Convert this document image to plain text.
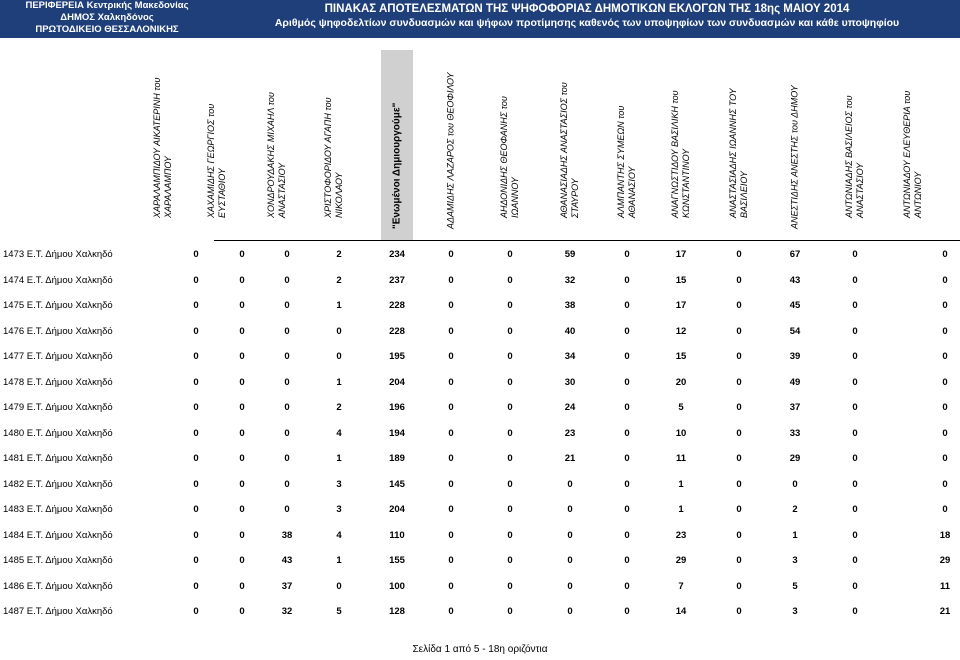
ΠΕΡΙΦΕΡΕΙΑ Κεντρικής Μακεδονίας
ΔΗΜΟΣ Χαλκηδόνος
ΠΡΩΤΟΔΙΚΕΙΟ ΘΕΣΣΑΛΟΝΙΚΗΣ
ΠΙΝΑΚΑΣ ΑΠΟΤΕΛΕΣΜΑΤΩΝ ΤΗΣ ΨΗΦΟΦΟΡΙΑΣ ΔΗΜΟΤΙΚΩΝ ΕΚΛΟΓΩΝ ΤΗΣ 18ης ΜΑΙΟΥ 2014
Αριθμός ψηφοδελτίων συνδυασμών και ψήφων προτίμησης καθενός των υποψηφίων των συνδυασμών και κάθε υποψηφίου
ΧΑΡΑΛΑΜΠΙΔΟΥ ΑΙΚΑΤΕΡΙΝΗ του ΧΑΡΑΛΑΜΠΟΥ	ΧΑΧΑΜΙΔΗΣ ΓΕΩΡΓΙΟΣ του ΕΥΣΤΑΘΙΟΥ	ΧΟΝΔΡΟΥΔΑΚΗΣ ΜΙΧΑΗΛ του ΑΝΑΣΤΑΣΙΟΥ	ΧΡΙΣΤΟΦΟΡΙΔΟΥ ΑΓΑΠΗ του ΝΙΚΟΛΑΟΥ	"Ενωμένοι Δημιουργούμε"	ΑΔΑΜΙΔΗΣ ΛΑΖΑΡΟΣ του ΘΕΟΦΙΛΟΥ	ΑΗΔΟΝΙΔΗΣ ΘΕΟΦΑΝΗΣ του ΙΩΑΝΝΟΥ	ΑΘΑΝΑΣΙΑΔΗΣ ΑΝΑΣΤΑΣΙΟΣ του ΣΤΑΥΡΟΥ	ΑΛΜΠΑΝΤΗΣ ΣΥΜΕΩΝ του ΑΘΑΝΑΣΙΟΥ	ΑΝΑΓΝΩΣΤΙΔΟΥ ΒΑΣΙΛΙΚΗ του ΚΩΝΣΤΑΝΤΙΝΟΥ	ΑΝΑΣΤΑΣΙΑΔΗΣ ΙΩΑΝΝΗΣ ΤΟΥ ΒΑΣΙΛΕΙΟΥ	ΑΝΕΣΤΙΔΗΣ ΑΝΕΣΤΗΣ του ΔΗΜΟΥ	ΑΝΤΩΝΙΑΔΗΣ ΒΑΣΙΛΕΙΟΣ του ΑΝΑΣΤΑΣΙΟΥ	ΑΝΤΩΝΙΑΔΟΥ ΕΛΕΥΘΕΡΙΑ του ΑΝΤΩΝΙΟΥ
1473 Ε.Τ. Δήμου Χαλκηδό	0	0	0	2	234	0	0	59	0	17	0	67	0	0
1474 Ε.Τ. Δήμου Χαλκηδό	0	0	0	2	237	0	0	32	0	15	0	43	0	0
1475 Ε.Τ. Δήμου Χαλκηδό	0	0	0	1	228	0	0	38	0	17	0	45	0	0
1476 Ε.Τ. Δήμου Χαλκηδό	0	0	0	0	228	0	0	40	0	12	0	54	0	0
1477 Ε.Τ. Δήμου Χαλκηδό	0	0	0	0	195	0	0	34	0	15	0	39	0	0
1478 Ε.Τ. Δήμου Χαλκηδό	0	0	0	1	204	0	0	30	0	20	0	49	0	0
1479 Ε.Τ. Δήμου Χαλκηδό	0	0	0	2	196	0	0	24	0	5	0	37	0	0
1480 Ε.Τ. Δήμου Χαλκηδό	0	0	0	4	194	0	0	23	0	10	0	33	0	0
1481 Ε.Τ. Δήμου Χαλκηδό	0	0	0	1	189	0	0	21	0	11	0	29	0	0
1482 Ε.Τ. Δήμου Χαλκηδό	0	0	0	3	145	0	0	0	0	1	0	0	0	0
1483 Ε.Τ. Δήμου Χαλκηδό	0	0	0	3	204	0	0	0	0	1	0	2	0	0
1484 Ε.Τ. Δήμου Χαλκηδό	0	0	38	4	110	0	0	0	0	23	0	1	0	18
1485 Ε.Τ. Δήμου Χαλκηδό	0	0	43	1	155	0	0	0	0	29	0	3	0	29
1486 Ε.Τ. Δήμου Χαλκηδό	0	0	37	0	100	0	0	0	0	7	0	5	0	11
1487 Ε.Τ. Δήμου Χαλκηδό	0	0	32	5	128	0	0	0	0	14	0	3	0	21
Σελίδα 1 από 5 - 18η οριζόντια
